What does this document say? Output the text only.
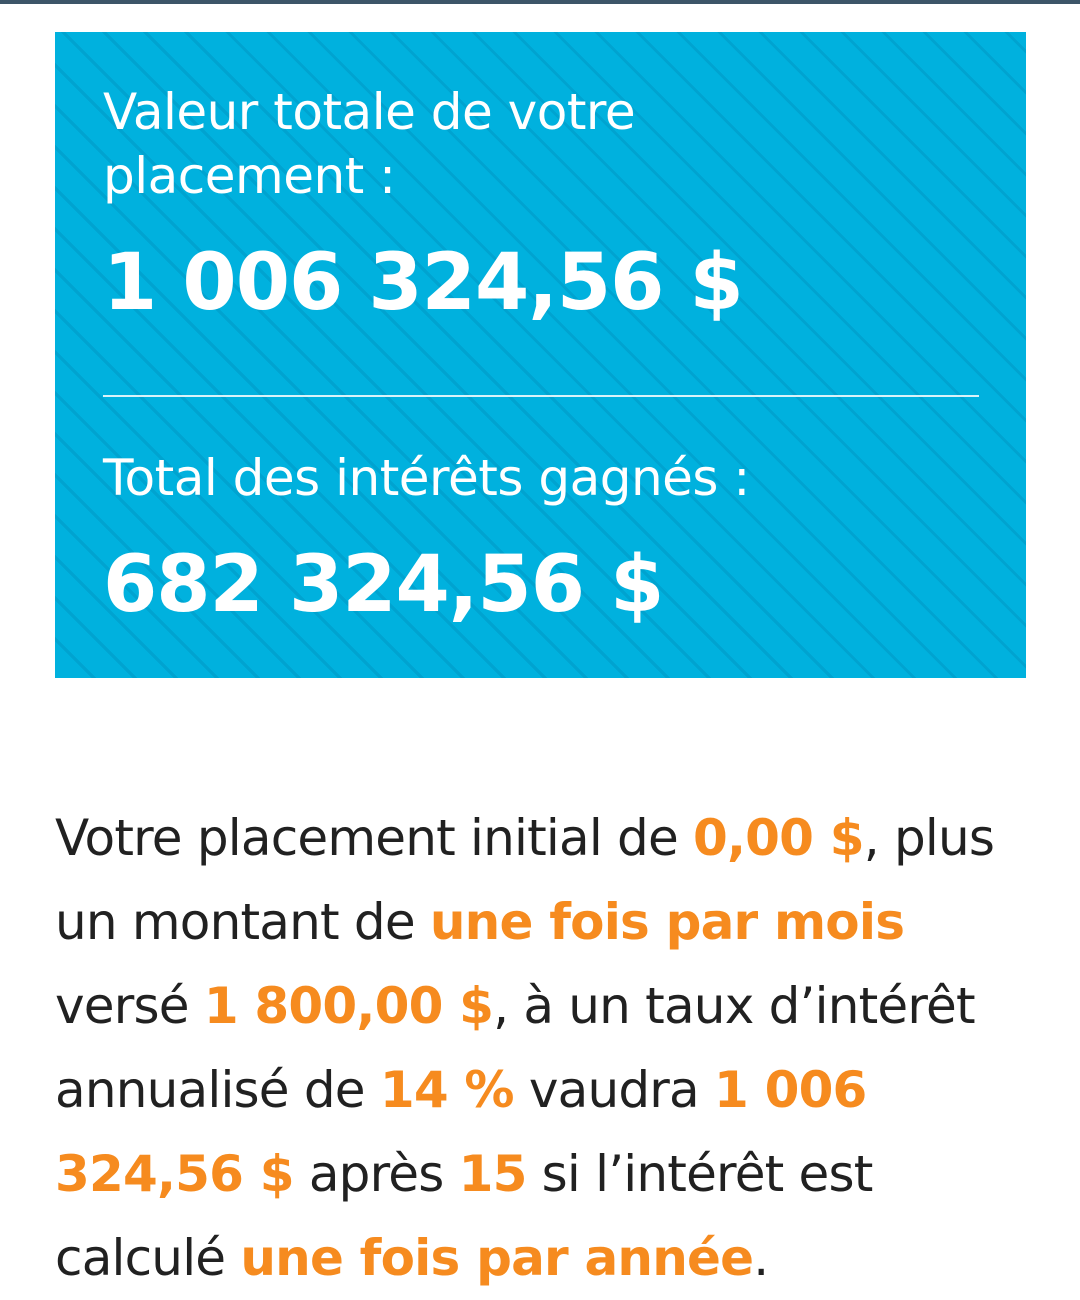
Valeur totale de votre placement :
1 006 324,56 $
Total des intérêts gagnés :
682 324,56 $

Votre placement initial de 0,00 $, plus un montant de une fois par mois versé 1 800,00 $, à un taux d’intérêt annualisé de 14 % vaudra 1 006 324,56 $ après 15 si l’intérêt est calculé une fois par année.
